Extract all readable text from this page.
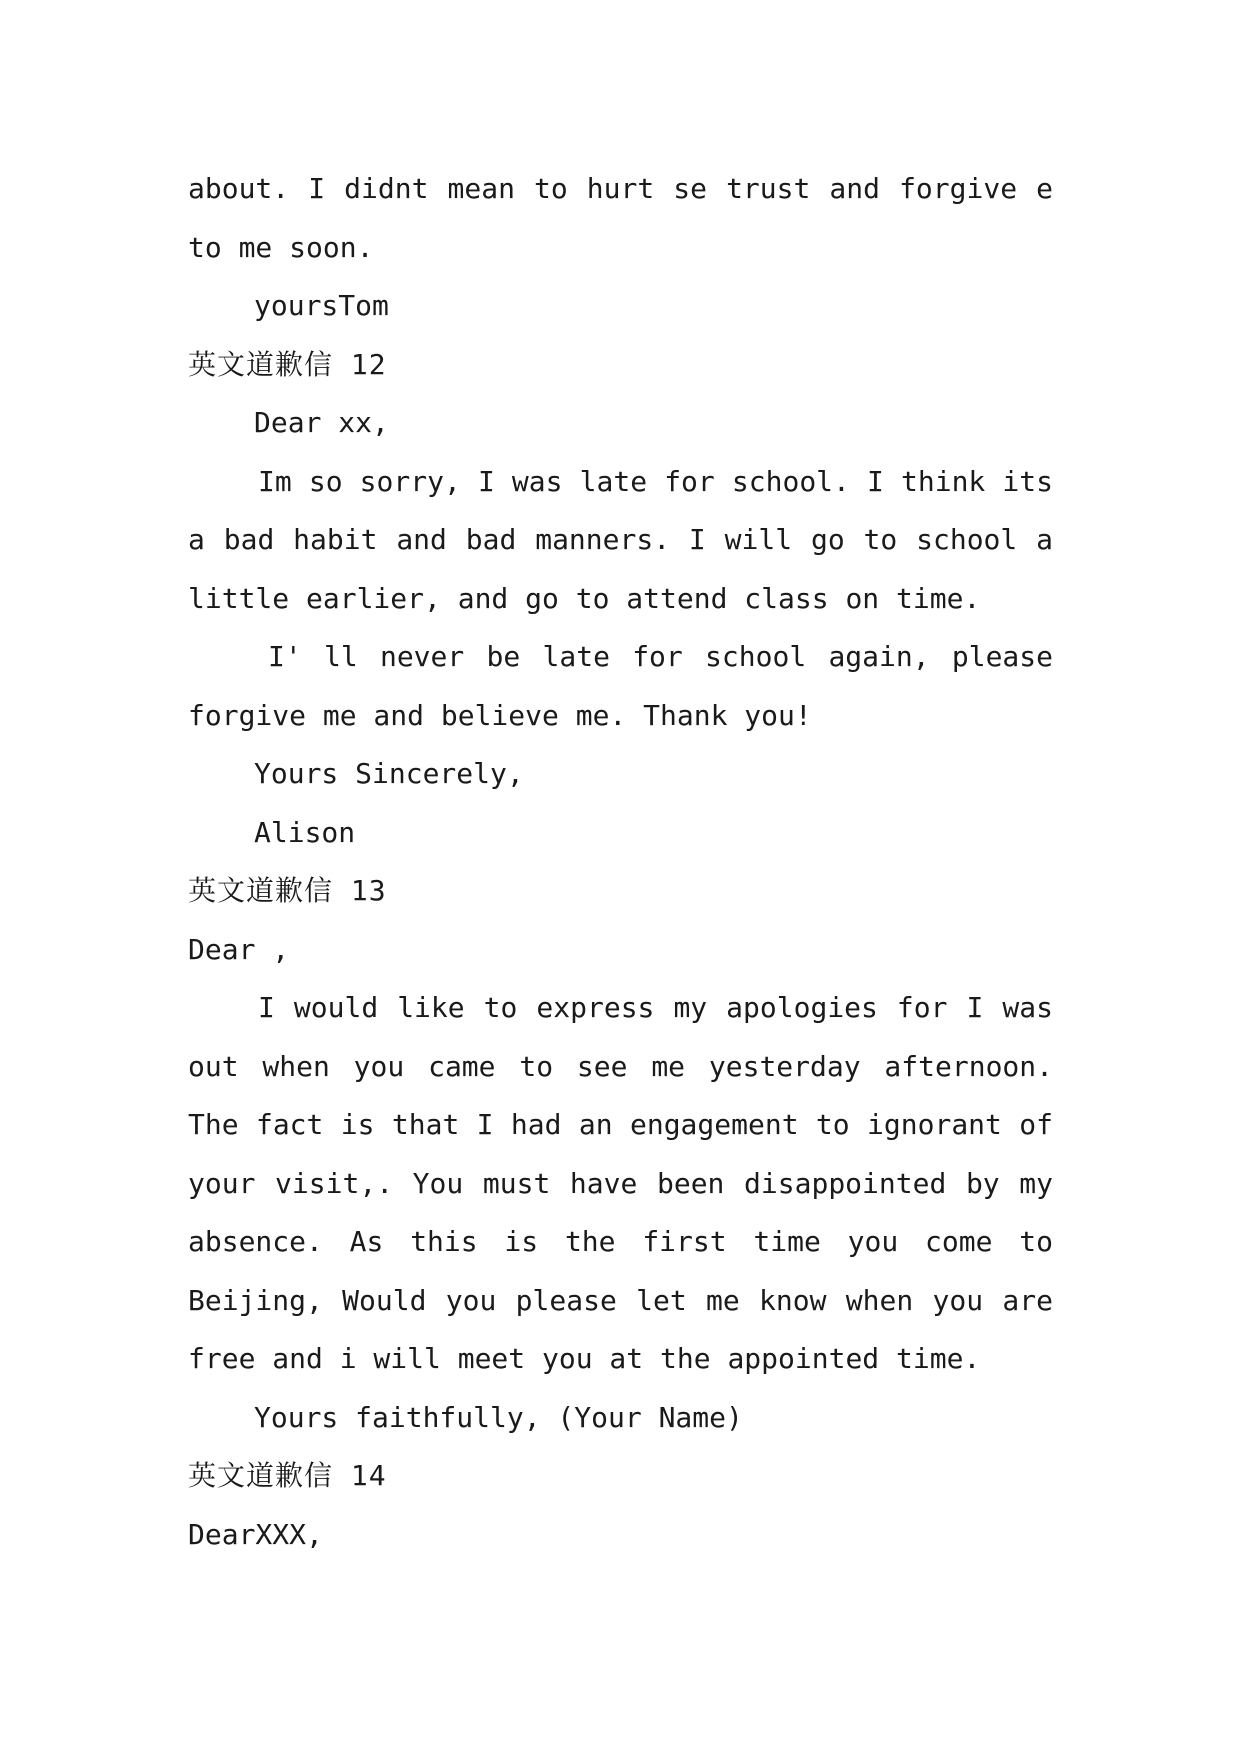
about. I didnt mean to hurt se trust and forgive e

to me soon.

yoursTom

英文道歉信 12

Dear xx,

Im so sorry, I was late for school. I think its a bad habit and bad manners. I will go to school a little earlier, and go to attend class on time.

I' ll never be late for school again, please forgive me and believe me. Thank you!

Yours Sincerely,

Alison

英文道歉信 13

Dear ,

I would like to express my apologies for I was out when you came to see me yesterday afternoon. The fact is that I had an engagement to ignorant of your visit,. You must have been disappointed by my absence. As this is the first time you come to Beijing, Would you please let me know when you are free and i will meet you at the appointed time.

Yours faithfully, (Your Name)

英文道歉信 14

DearXXX,
